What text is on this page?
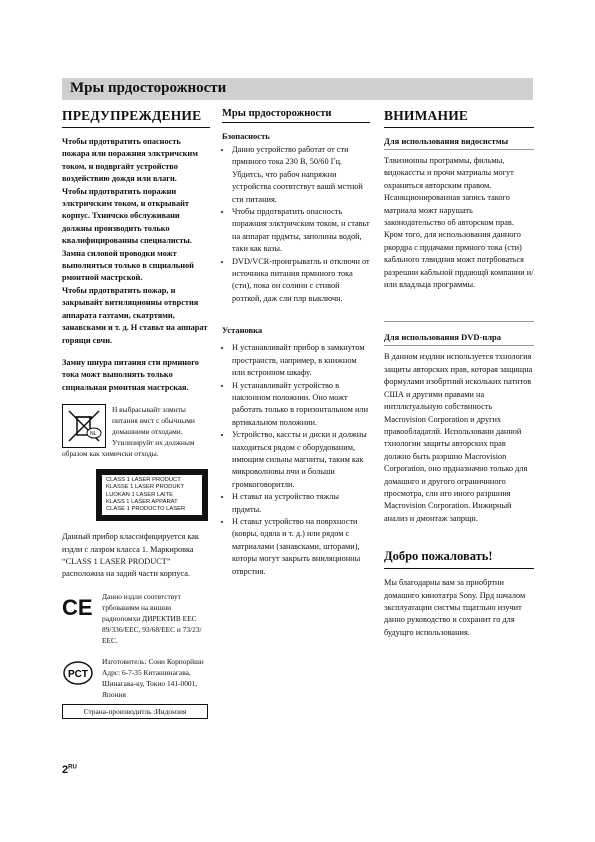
Мры прдосторожности
ПРЕДУПРЕЖДЕНИЕ

Чтобы прдотвратить опасность пожара или поражния элктричским током, н подвргайт устройство воздействию дождя или влаги.

Чтобы прдотвратить поражни элктричским током, н открывайт корпус. Тхничско обслуживани должны производить только квалифицированны специалисты.

Замна силовой проводки можт выполняться только в спциальной рмонтной мастрской.

Чтобы прдотвратить пожар, н закрывайт витиляционны отврстия аппарата газтами, скатртями, занавсками и т. д. Н ставьт на аппарат горящи свчи.

Замну шнура питания сти прмнного тока можт выполнять только спциальная рмонтная мастрская.

NL

Н выбрасывайт элмнты питания вмст с обычными домашними отходами. Утилизируйт их должным

образом как химичски отходы.
CLASS 1 LASER PRODUCT
KLASSE 1 LASER PRODUKT
LUOKAN 1 LASER LAITE
KLASS 1 LASER APPARAT
CLASE 1 PRODUCTO LASER

Данный прибор классифицируется как издли с лазром класса 1. Маркировка “CLASS 1 LASER PRODUCT” расположна на задий части корпуса.

CE	Данно издли соотвтствут трбованиям на вншни радиопомхи ДИРЕКТИВ ЕЕС 89/336/ЕЕС, 93/68/ЕЕС и 73/23/ЕЕС.

PCT

Изготовитель: Сони Корпорйшн Адрс: 6-7-35 Киташинагава, Шинагава-ку, Токио 141-0001, Япония

Страна-производитль :Индонзия
Мры прдосторожности
Бзопасность
• Данно устройство работат от сти прмнного тока 230 В, 50/60 Гц. Убдитсь, что рабоч напряжни устройства соотвтствут вашй мстной сти питания.
• Чтобы прдотвратить опасность поражния элктричским током, н ставьт на аппарат прдмты, заполнны водой, таки как вазы.
• DVD/VCR-проигрыватль н отключн от источника питания прмнного тока (сти), пока он солинн с стнвой розткой, даж сли плр выключн.
Установка
• Н устанавливайт прибор в замкнутом пространств, например, в книжном или встронном шкафу.
• Н устанавливайт устройство в наклонном положнии. Оно можт работать только в горизонтальном или вртикальном положнии.
• Устройство, кассты и диски н должны находиться рядом с оборудованим, имющим сильны магниты, таким как микроволновы пчи и больши громкоговоритли.
• Н ставьт на устройство тяжлы прдмты.
• Н ставьт устройство на поврхности (ковры, одяла и т. д.) или рядом с матриалами (занавсками, шторами), которы могут закрыть вниляционны отврстия.
ВНИМАНИЕ
Для использования видосистмы

Тлвизионны программы, фильмы, видокассты и прочи матриалы могут охраняться авторским правом. Нсанкционированная запись такого матриала можт нарушать законодательство об авторском прав. Кром того, для использования данного ркордра с прдачами прмного тока (сти) кабльного тлвидния можт потрбоваться разрешни кабльной прдающй компании и/или владльца программы.

Для использования DVD-плра

В данном издлии используется тхнология защиты авторских прав, которая защищна формулами изобртний нскольких патнтов США и другими правами на интллктуальную собствнность Macrovision Corporation и других правообладатлй. Использовани данной тхнологии защиты авторских прав должно быть разршно Macrovision Corporation, оно прдназначно только для домашнго и другого ограничнного просмотра, сли иго иного разршния Macrovision Corporation. Инжирный анализ и дмонтаж запрщн.

Добро пожаловать!

Мы благодарны вам за приобртни домашнго кинотатра Sony. Прд началом эксплуатации систмы тщатльно изучит данно руководство и сохранит го для будущго использования.

$2^{RU}$
